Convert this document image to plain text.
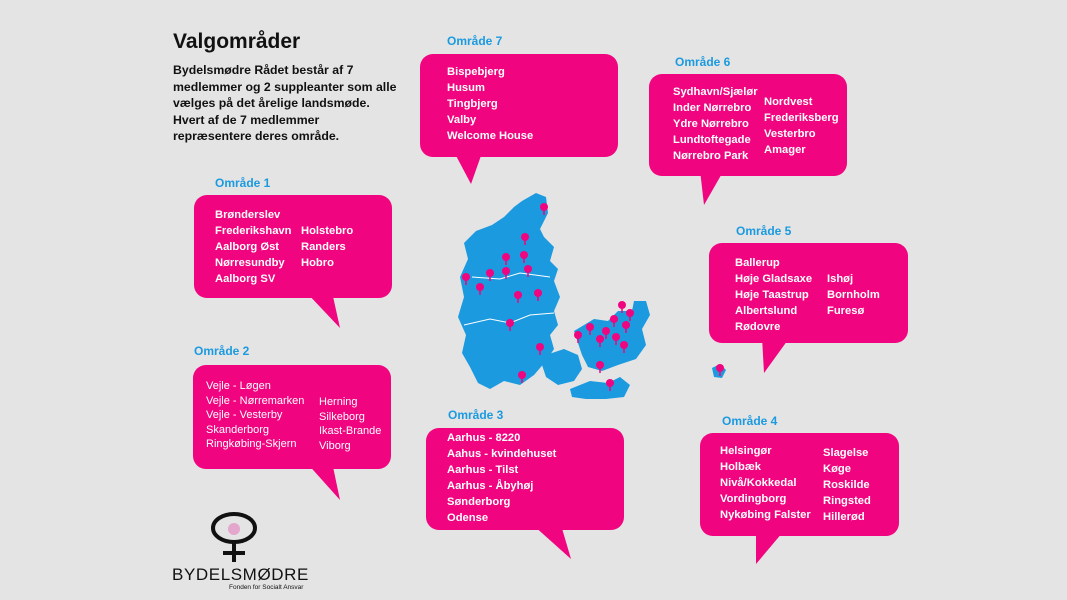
Valgområder
Bydelsmødre Rådet består af 7
medlemmer og 2 suppleanter som alle
vælges på det årelige landsmøde.
Hvert af de 7 medlemmer
repræsentere deres område.
Område 7
Bispebjerg
Husum
Tingbjerg
Valby
Welcome House
Område 6
Sydhavn/Sjælør
Inder Nørrebro
Ydre Nørrebro
Lundtoftegade
Nørrebro Park
Nordvest
Frederiksberg
Vesterbro
Amager
Område 1
Brønderslev
Frederikshavn
Aalborg Øst
Nørresundby
Aalborg SV
Holstebro
Randers
Hobro
Område 5
Ballerup
Høje Gladsaxe
Høje Taastrup
Albertslund
Rødovre
Ishøj
Bornholm
Furesø
Område 2
Vejle - Løgen
Vejle - Nørremarken
Vejle - Vesterby
Skanderborg
Ringkøbing-Skjern
Herning
Silkeborg
Ikast-Brande
Viborg
Område 3
Aarhus - 8220
Aahus - kvindehuset
Aarhus - Tilst
Aarhus - Åbyhøj
Sønderborg
Odense
Område 4
Helsingør
Holbæk
Nivå/Kokkedal
Vordingborg
Nykøbing Falster
Slagelse
Køge
Roskilde
Ringsted
Hillerød
BYDELSMØDRE
Fonden for Socialt Ansvar
